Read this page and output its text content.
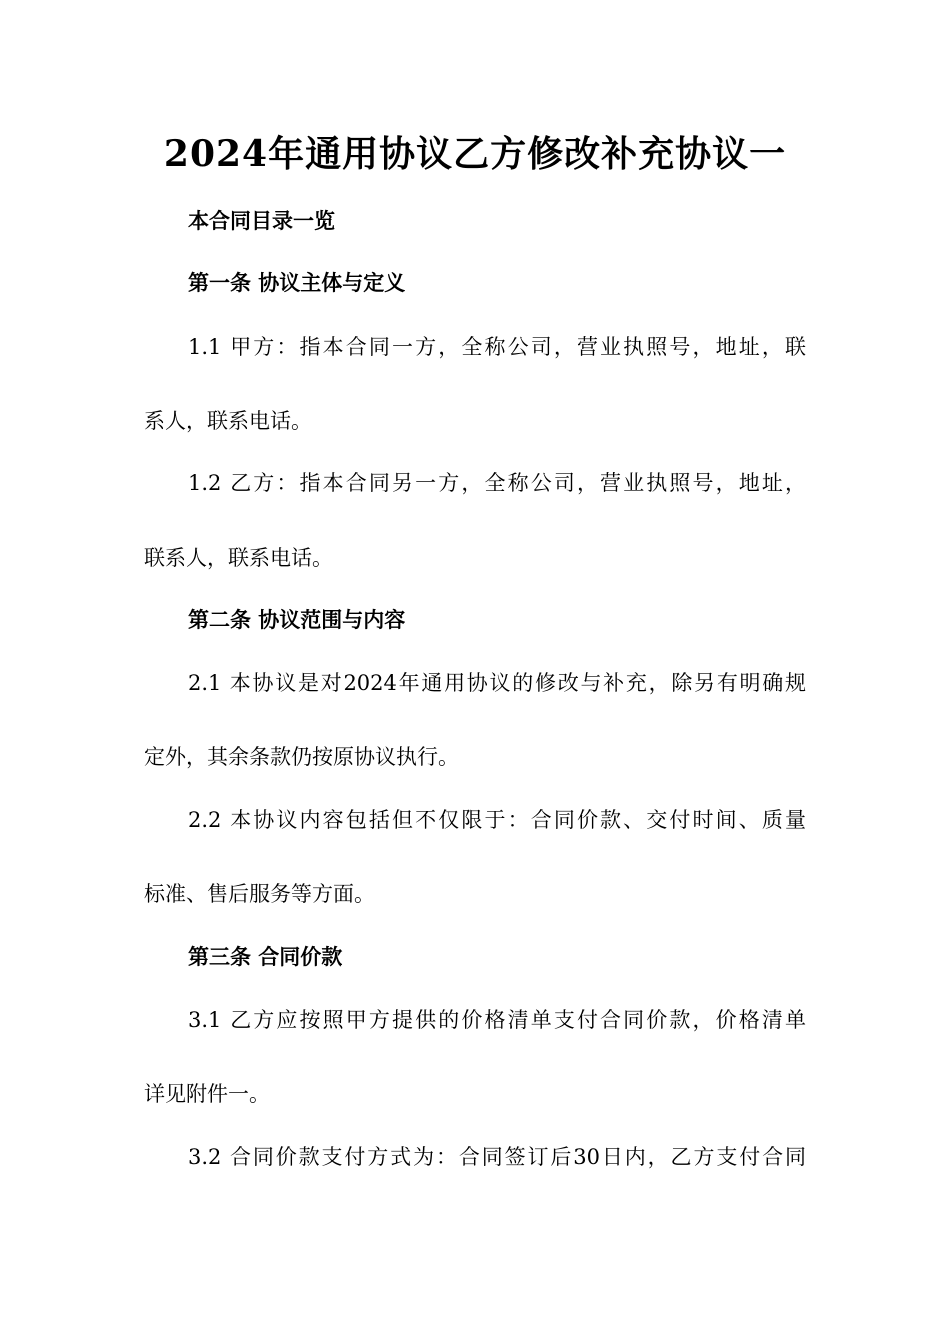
2024年通用协议乙方修改补充协议一

本合同目录一览

第一条 协议主体与定义

1.1 甲方：指本合同一方，全称公司，营业执照号，地址，联

系人，联系电话。

1.2 乙方：指本合同另一方，全称公司，营业执照号，地址，

联系人，联系电话。

第二条 协议范围与内容

2.1 本协议是对2024年通用协议的修改与补充，除另有明确规

定外，其余条款仍按原协议执行。

2.2 本协议内容包括但不仅限于：合同价款、交付时间、质量

标准、售后服务等方面。

第三条 合同价款

3.1 乙方应按照甲方提供的价格清单支付合同价款，价格清单

详见附件一。

3.2 合同价款支付方式为：合同签订后30日内，乙方支付合同
